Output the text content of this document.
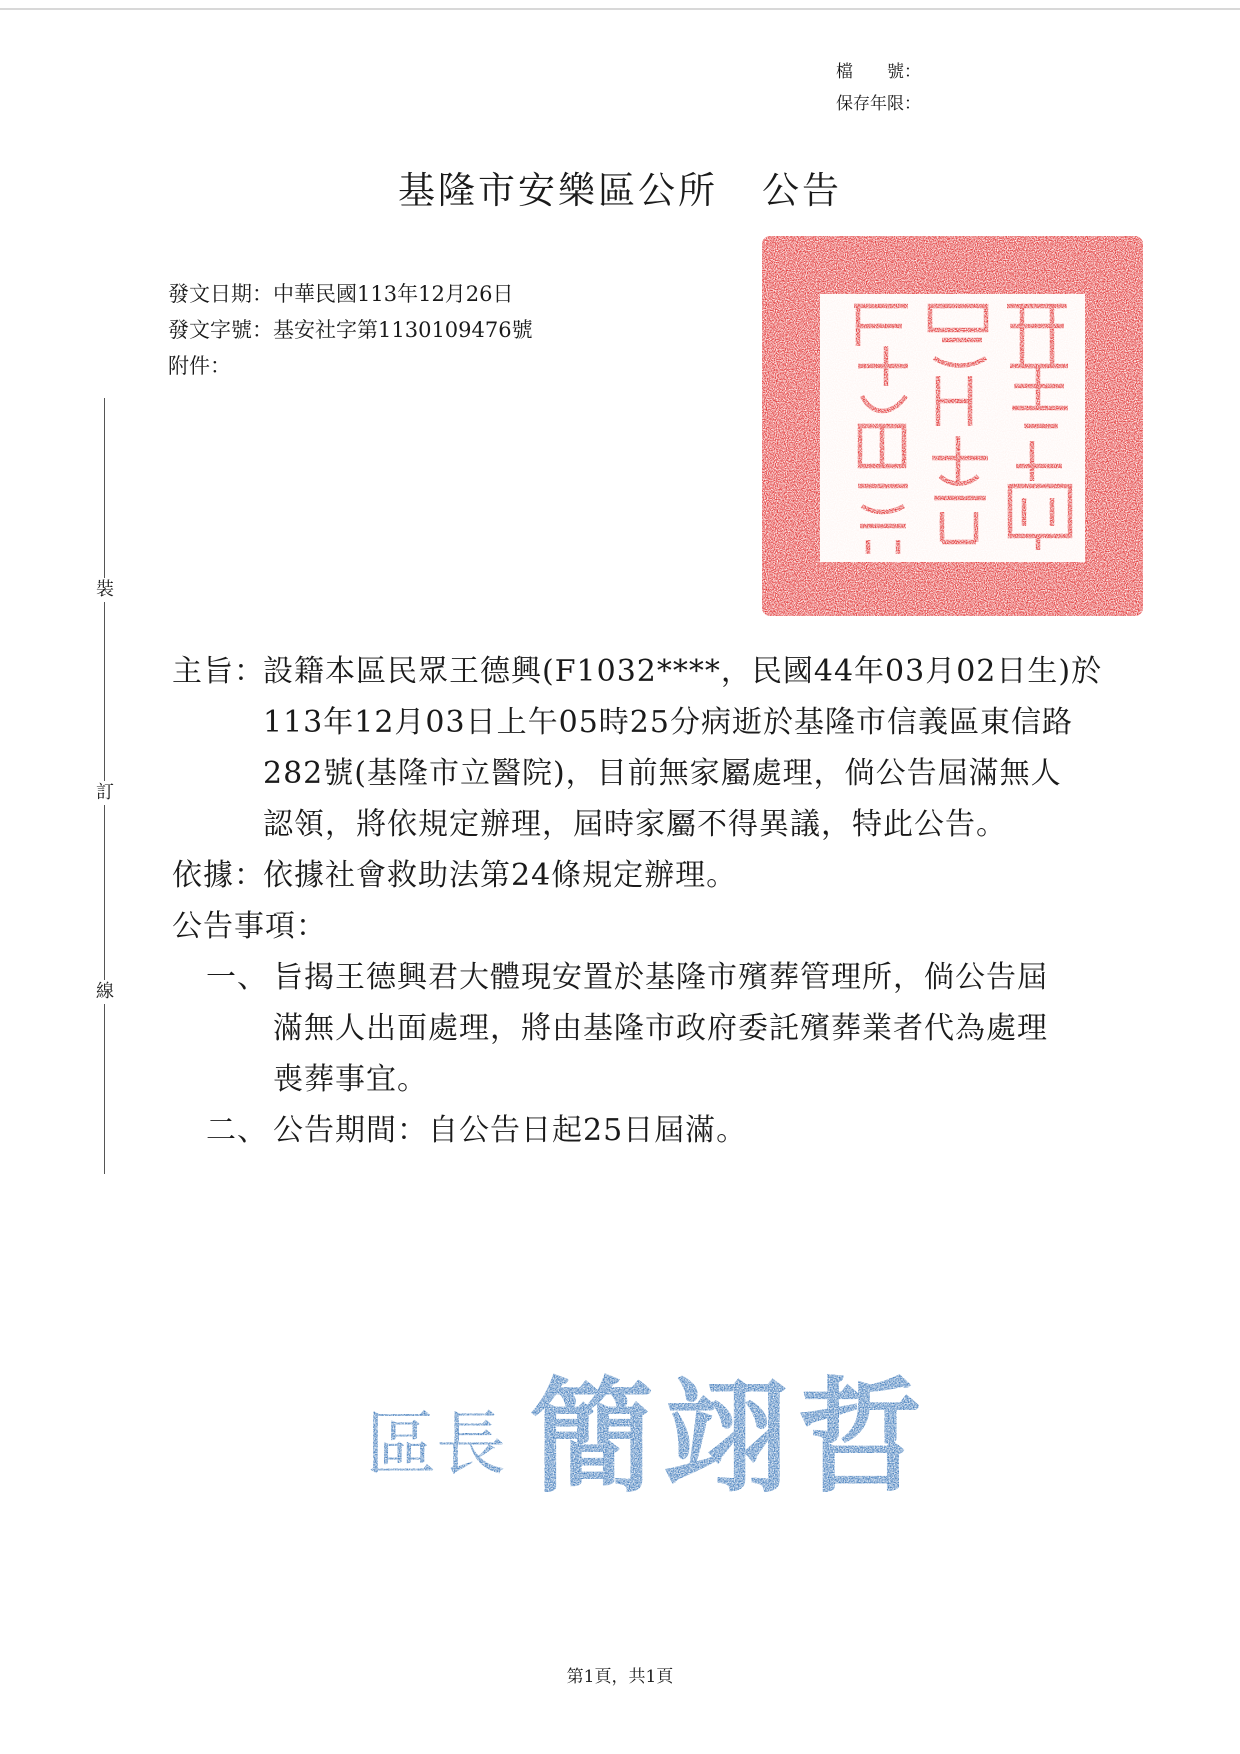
檔　　號：
保存年限：
基隆市安樂區公所 公告
發文日期：中華民國113年12月26日
發文字號：基安社字第1130109476號
附件：
裝
訂
線
主旨：
設籍本區民眾王德興(F1032****，民國44年03月02日生)於
113年12月03日上午05時25分病逝於基隆市信義區東信路
282號(基隆市立醫院)，目前無家屬處理，倘公告屆滿無人
認領，將依規定辦理，屆時家屬不得異議，特此公告。
依據：
依據社會救助法第24條規定辦理。
公告事項：
一、 旨揭王德興君大體現安置於基隆市殯葬管理所，倘公告屆
滿無人出面處理，將由基隆市政府委託殯葬業者代為處理
喪葬事宜。
二、 公告期間：自公告日起25日屆滿。
區長 簡翊哲
第1頁，共1頁
